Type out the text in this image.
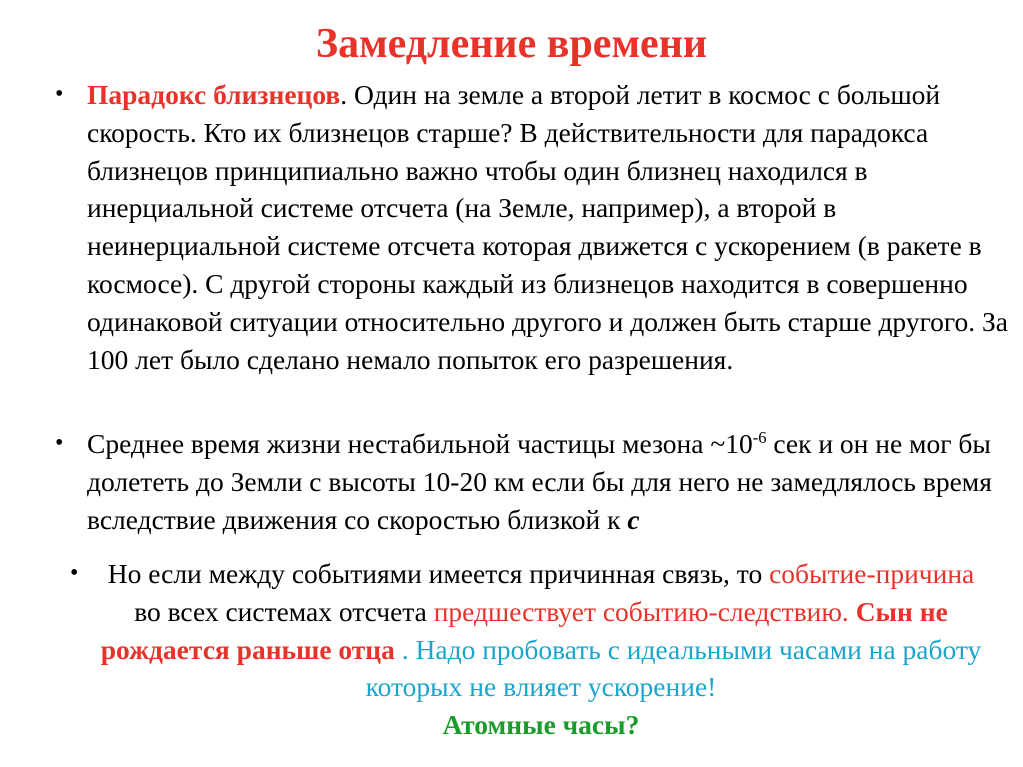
Замедление времени
• Парадокс близнецов. Один на земле а второй летит в космос с большой скорость. Кто их близнецов старше? В действительности для парадокса близнецов принципиально важно чтобы один близнец находился в инерциальной системе отсчета (на Земле, например), а второй в неинерциальной системе отсчета которая движется с ускорением (в ракете в космосе). С другой стороны каждый из близнецов находится в совершенно одинаковой ситуации относительно другого и должен быть старше другого. За 100 лет было сделано немало попыток его разрешения.

• Среднее время жизни нестабильной частицы мезона $\sim 10^{-6}$ сек и он не мог бы долететь до Земли с высоты 10-20 км если бы для него не замедлялось время вследствие движения со скоростью близкой к с

•	Но если между событиями имеется причинная связь, то событие-причина во всех системах отсчета предшествует событию-следствию. Сын не рождается раньше отца . Надо пробовать с идеальными часами на работу которых не влияет ускорение!
Атомные часы?
